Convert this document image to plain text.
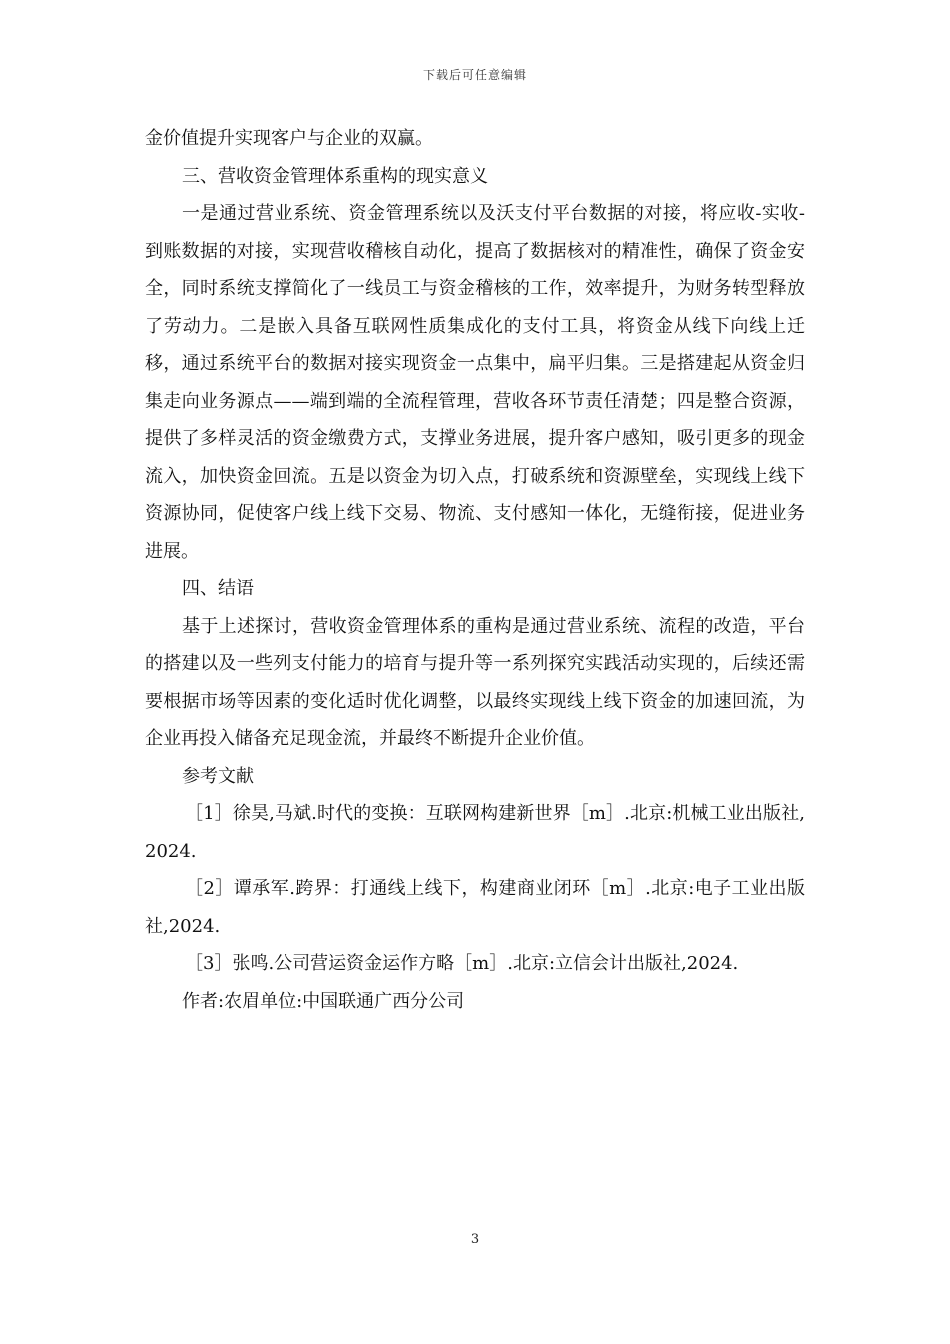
下载后可任意编辑

金价值提升实现客户与企业的双赢。

三、营收资金管理体系重构的现实意义

一是通过营业系统、资金管理系统以及沃支付平台数据的对接，将应收-实收-到账数据的对接，实现营收稽核自动化，提高了数据核对的精准性，确保了资金安全，同时系统支撑简化了一线员工与资金稽核的工作，效率提升，为财务转型释放了劳动力。二是嵌入具备互联网性质集成化的支付工具，将资金从线下向线上迁移，通过系统平台的数据对接实现资金一点集中，扁平归集。三是搭建起从资金归集走向业务源点——端到端的全流程管理，营收各环节责任清楚；四是整合资源，提供了多样灵活的资金缴费方式，支撑业务进展，提升客户感知，吸引更多的现金流入，加快资金回流。五是以资金为切入点，打破系统和资源壁垒，实现线上线下资源协同，促使客户线上线下交易、物流、支付感知一体化，无缝衔接，促进业务进展。

四、结语

基于上述探讨，营收资金管理体系的重构是通过营业系统、流程的改造，平台的搭建以及一些列支付能力的培育与提升等一系列探究实践活动实现的，后续还需要根据市场等因素的变化适时优化调整，以最终实现线上线下资金的加速回流，为企业再投入储备充足现金流，并最终不断提升企业价值。

参考文献

［1］徐昊,马斌.时代的变换：互联网构建新世界［m］.北京:机械工业出版社,2024.

［2］谭承军.跨界：打通线上线下，构建商业闭环［m］.北京:电子工业出版社,2024.

［3］张鸣.公司营运资金运作方略［m］.北京:立信会计出版社,2024.

作者:农眉单位:中国联通广西分公司

3
